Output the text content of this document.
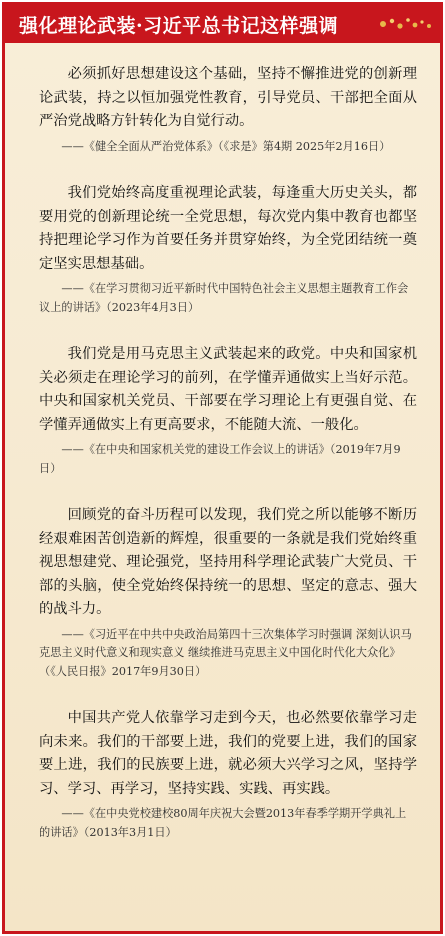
强化理论武装·习近平总书记这样强调

必须抓好思想建设这个基础，坚持不懈推进党的创新理论武装，持之以恒加强党性教育，引导党员、干部把全面从严治党战略方针转化为自觉行动。

——《健全全面从严治党体系》（《求是》第4期 2025年2月16日）

我们党始终高度重视理论武装，每逢重大历史关头，都要用党的创新理论统一全党思想，每次党内集中教育也都坚持把理论学习作为首要任务并贯穿始终，为全党团结统一奠定坚实思想基础。

——《在学习贯彻习近平新时代中国特色社会主义思想主题教育工作会议上的讲话》（2023年4月3日）

我们党是用马克思主义武装起来的政党。中央和国家机关必须走在理论学习的前列，在学懂弄通做实上当好示范。中央和国家机关党员、干部要在学习理论上有更强自觉、在学懂弄通做实上有更高要求，不能随大流、一般化。

——《在中央和国家机关党的建设工作会议上的讲话》（2019年7月9日）

回顾党的奋斗历程可以发现，我们党之所以能够不断历经艰难困苦创造新的辉煌，很重要的一条就是我们党始终重视思想建党、理论强党，坚持用科学理论武装广大党员、干部的头脑，使全党始终保持统一的思想、坚定的意志、强大的战斗力。

——《习近平在中共中央政治局第四十三次集体学习时强调 深刻认识马克思主义时代意义和现实意义 继续推进马克思主义中国化时代化大众化》（《人民日报》2017年9月30日）

中国共产党人依靠学习走到今天，也必然要依靠学习走向未来。我们的干部要上进，我们的党要上进，我们的国家要上进，我们的民族要上进，就必须大兴学习之风，坚持学习、学习、再学习，坚持实践、实践、再实践。

——《在中央党校建校80周年庆祝大会暨2013年春季学期开学典礼上的讲话》（2013年3月1日）
